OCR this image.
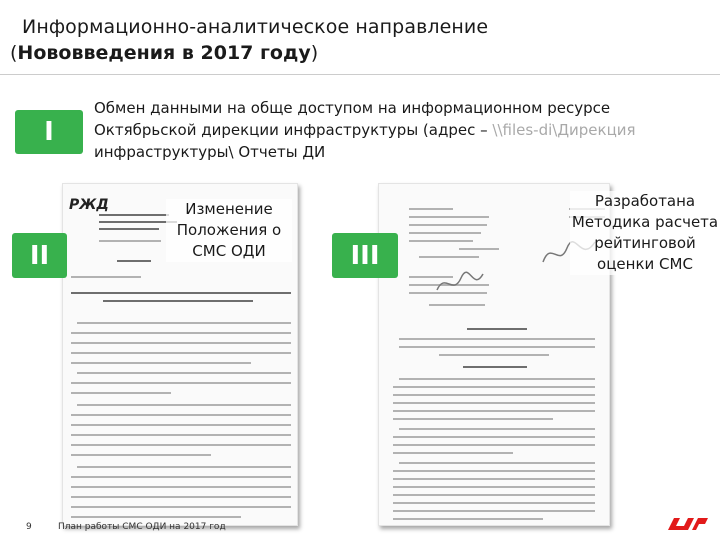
Информационно-аналитическое направление
(Нововведения в 2017 году)
I
Обмен данными на обще доступом на информационном ресурсе Октябрьской дирекции инфраструктуры (адрес – \\files-di\Дирекция инфраструктуры\ Отчеты ДИ
РЖД
II	III
Изменение Положения о СМС ОДИ
Разработана Методика расчета рейтинговой оценки СМС
9	План работы СМС ОДИ на 2017 год
